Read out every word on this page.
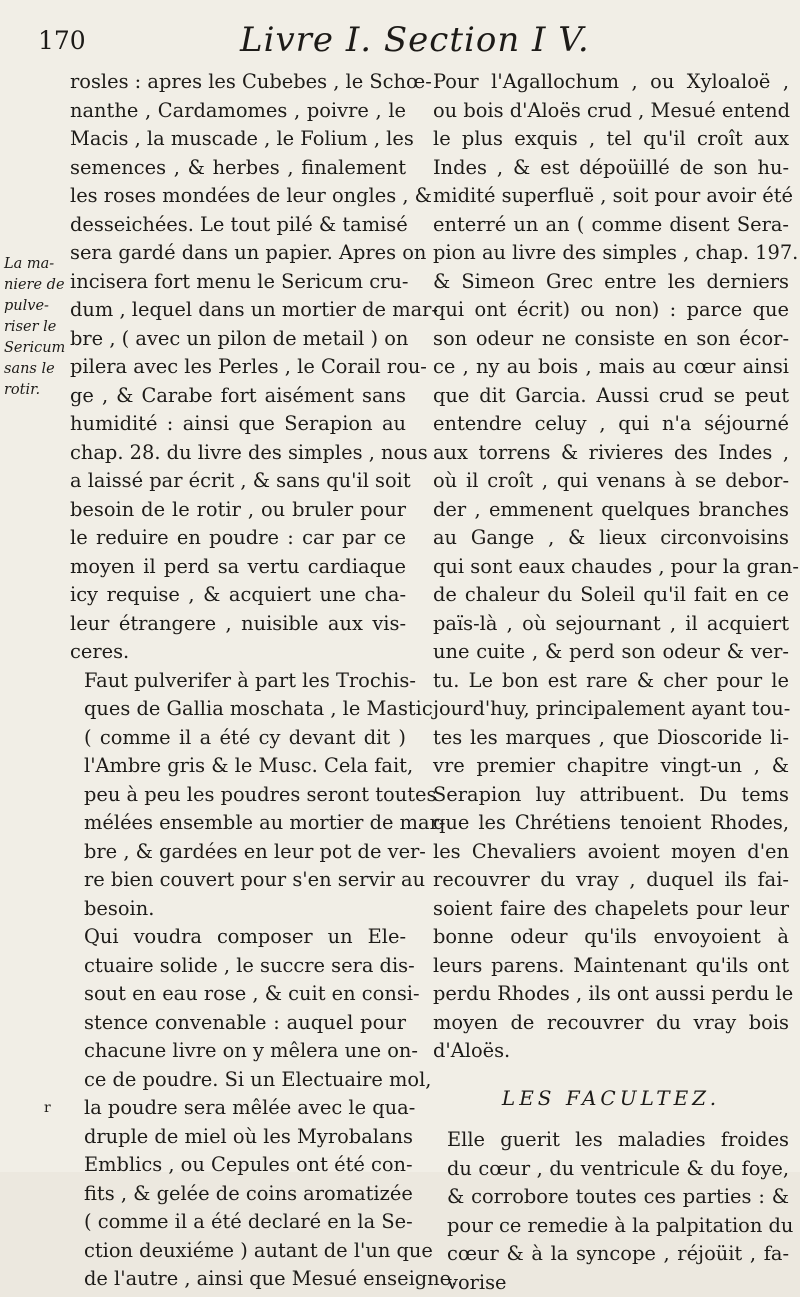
170	Livre I. Section I V.
La ma-
niere de
pulve-
riser le
Sericum
sans le
rotir.

rosles : apres les Cubebes , le Schœ-
nanthe , Cardamomes , poivre , le
Macis , la muscade , le Folium , les
semences , & herbes , finalement
les roses mondées de leur ongles , &
desseichées. Le tout pilé & tamisé
sera gardé dans un papier. Apres on
incisera fort menu le Sericum cru-
dum , lequel dans un mortier de mar-
bre , ( avec un pilon de metail ) on
pilera avec les Perles , le Corail rou-
ge , & Carabe fort aisément sans
humidité : ainsi que Serapion au
chap. 28. du livre des simples , nous
a laissé par écrit , & sans qu'il soit
besoin de le rotir , ou bruler pour
le reduire en poudre : car par ce
moyen il perd sa vertu cardiaque
icy requise , & acquiert une cha-
leur étrangere , nuisible aux vis-
ceres.

Faut pulverifer à part les Trochis-
ques de Gallia moschata , le Mastic
( comme il a été cy devant dit )
l'Ambre gris & le Musc. Cela fait,
peu à peu les poudres seront toutes
mélées ensemble au mortier de mar-
bre , & gardées en leur pot de ver-
re bien couvert pour s'en servir au
besoin.

Qui voudra composer un Ele-
ctuaire solide , le succre sera dis-
sout en eau rose , & cuit en consi-
stence convenable : auquel pour
chacune livre on y mêlera une on-
ce de poudre. Si un Electuaire mol,
la poudre sera mêlée avec le qua-
druple de miel où les Myrobalans
Emblics , ou Cepules ont été con-
fits , & gelée de coins aromatizée
( comme il a été declaré en la Se-
ction deuxiéme ) autant de l'un que
de l'autre , ainsi que Mesué enseigne.

Pour l'Agallochum , ou Xyloaloë ,
ou bois d'Aloës crud , Mesué entend
le plus exquis , tel qu'il croît aux
Indes , & est dépoüillé de son hu-
midité superfluë , soit pour avoir été
enterré un an ( comme disent Sera-
pion au livre des simples , chap. 197.
& Simeon Grec entre les derniers
qui ont écrit) ou non) : parce que
son odeur ne consiste en son écor-
ce , ny au bois , mais au cœur ainsi
que dit Garcia. Aussi crud se peut
entendre celuy , qui n'a séjourné
aux torrens & rivieres des Indes ,
où il croît , qui venans à se debor-
der , emmenent quelques branches
au Gange , & lieux circonvoisins
qui sont eaux chaudes , pour la gran-
de chaleur du Soleil qu'il fait en ce
païs-là , où sejournant , il acquiert
une cuite , & perd son odeur & ver-
tu. Le bon est rare & cher pour le
jourd'huy, principalement ayant tou-
tes les marques , que Dioscoride li-
vre premier chapitre vingt-un , &
Serapion luy attribuent. Du tems
que les Chrétiens tenoient Rhodes,
les Chevaliers avoient moyen d'en
recouvrer du vray , duquel ils fai-
soient faire des chapelets pour leur
bonne odeur qu'ils envoyoient à
leurs parens. Maintenant qu'ils ont
perdu Rhodes , ils ont aussi perdu le
moyen de recouvrer du vray bois
d'Aloës.

LES FACULTEZ.

Elle guerit les maladies froides
du cœur , du ventricule & du foye,
& corrobore toutes ces parties : &
pour ce remedie à la palpitation du
cœur & à la syncope , réjoüit , fa-
vorise

r
